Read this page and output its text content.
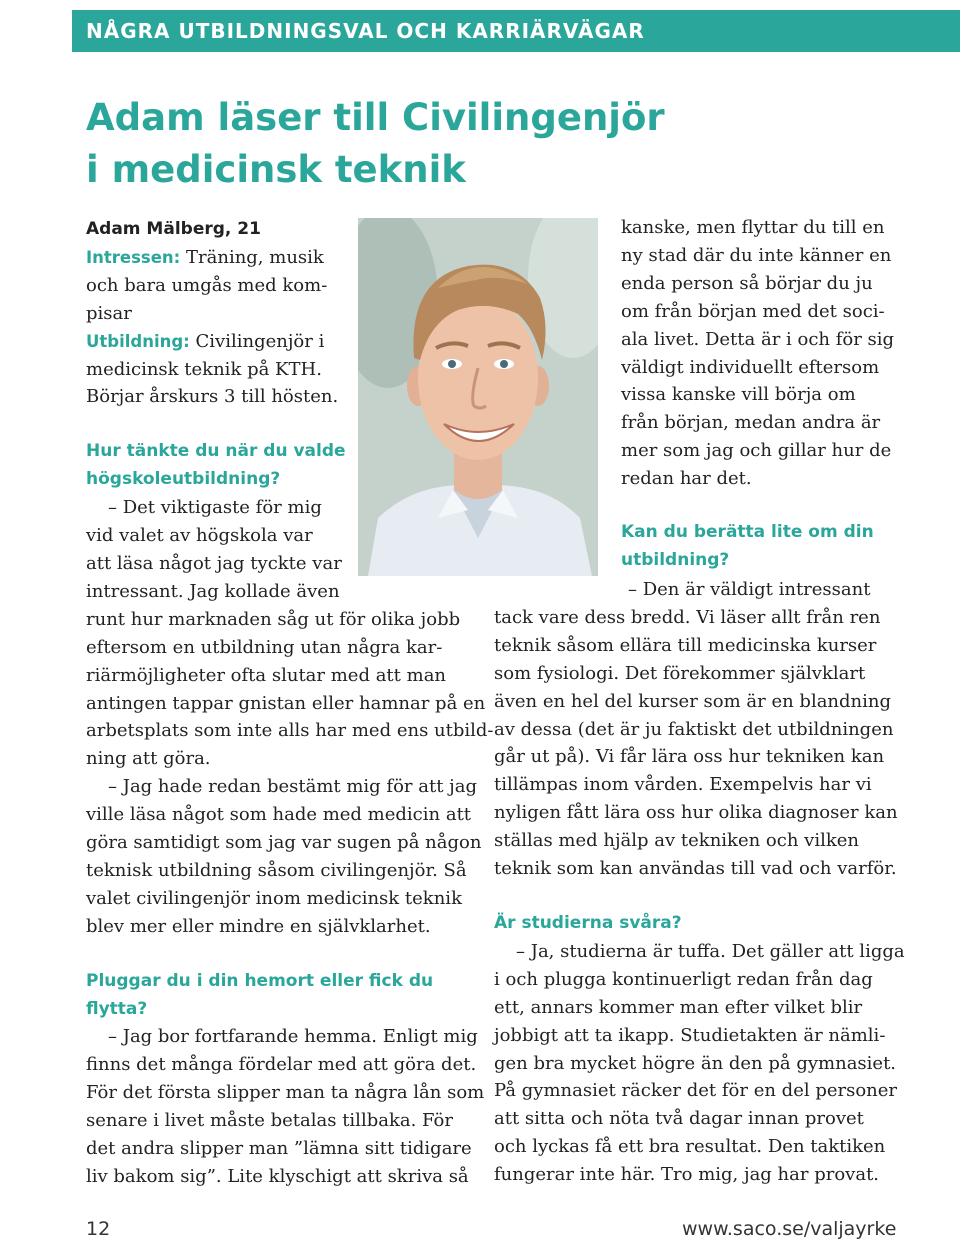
NÅGRA UTBILDNINGSVAL OCH KARRIÄRVÄGAR
Adam läser till Civilingenjör
i medicinsk teknik
Adam Mälberg, 21
Intressen: Träning, musik
och bara umgås med kom-
pisar
Utbildning: Civilingenjör i
medicinsk teknik på KTH.
Börjar årskurs 3 till hösten.
Hur tänkte du när du valde
högskoleutbildning?
– Det viktigaste för mig
vid valet av högskola var
att läsa något jag tyckte var
intressant. Jag kollade även
runt hur marknaden såg ut för olika jobb
eftersom en utbildning utan några kar-
riärmöjligheter ofta slutar med att man
antingen tappar gnistan eller hamnar på en
arbetsplats som inte alls har med ens utbild-
ning att göra.
– Jag hade redan bestämt mig för att jag
ville läsa något som hade med medicin att
göra samtidigt som jag var sugen på någon
teknisk utbildning såsom civilingenjör. Så
valet civilingenjör inom medicinsk teknik
blev mer eller mindre en självklarhet.
Pluggar du i din hemort eller fick du
flytta?
– Jag bor fortfarande hemma. Enligt mig
finns det många fördelar med att göra det.
För det första slipper man ta några lån som
senare i livet måste betalas tillbaka. För
det andra slipper man ”lämna sitt tidigare
liv bakom sig”. Lite klyschigt att skriva så
kanske, men flyttar du till en
ny stad där du inte känner en
enda person så börjar du ju
om från början med det soci-
ala livet. Detta är i och för sig
väldigt individuellt eftersom
vissa kanske vill börja om
från början, medan andra är
mer som jag och gillar hur de
redan har det.
Kan du berätta lite om din
utbildning?
– Den är väldigt intressant
tack vare dess bredd. Vi läser allt från ren
teknik såsom ellära till medicinska kurser
som fysiologi. Det förekommer självklart
även en hel del kurser som är en blandning
av dessa (det är ju faktiskt det utbildningen
går ut på). Vi får lära oss hur tekniken kan
tillämpas inom vården. Exempelvis har vi
nyligen fått lära oss hur olika diagnoser kan
ställas med hjälp av tekniken och vilken
teknik som kan användas till vad och varför.
Är studierna svåra?
– Ja, studierna är tuffa. Det gäller att ligga
i och plugga kontinuerligt redan från dag
ett, annars kommer man efter vilket blir
jobbigt att ta ikapp. Studietakten är nämli-
gen bra mycket högre än den på gymnasiet.
På gymnasiet räcker det för en del personer
att sitta och nöta två dagar innan provet
och lyckas få ett bra resultat. Den taktiken
fungerar inte här. Tro mig, jag har provat.
12	www.saco.se/valjayrke
